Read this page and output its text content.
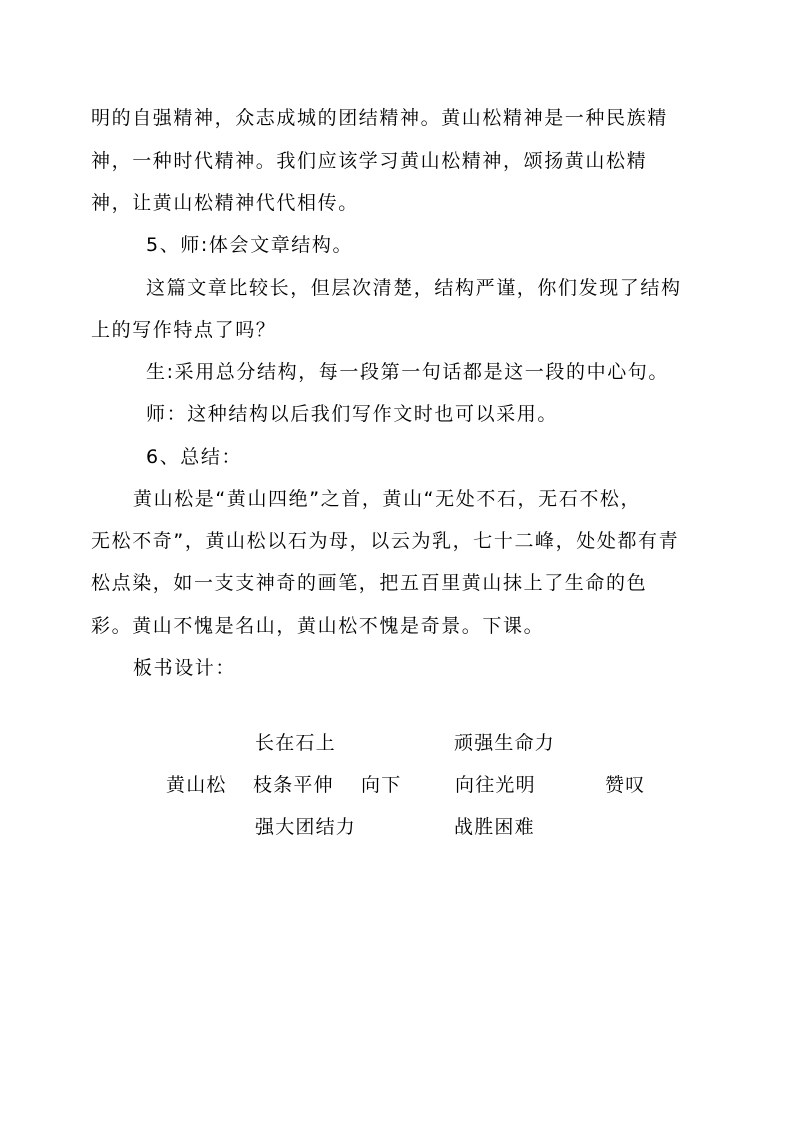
明的自强精神，众志成城的团结精神。黄山松精神是一种民族精
神，一种时代精神。我们应该学习黄山松精神，颂扬黄山松精
神，让黄山松精神代代相传。
5、师:体会文章结构。
这篇文章比较长，但层次清楚，结构严谨，你们发现了结构
上的写作特点了吗？
生:采用总分结构，每一段第一句话都是这一段的中心句。
师：这种结构以后我们写作文时也可以采用。
6、总结：
黄山松是“黄山四绝”之首，黄山“无处不石，无石不松，
无松不奇”，黄山松以石为母，以云为乳，七十二峰，处处都有青
松点染，如一支支神奇的画笔，把五百里黄山抹上了生命的色
彩。黄山不愧是名山，黄山松不愧是奇景。下课。
板书设计：
长在石上	顽强生命力
黄山松 枝条平伸 向下	向往光明	赞叹
强大团结力	战胜困难
